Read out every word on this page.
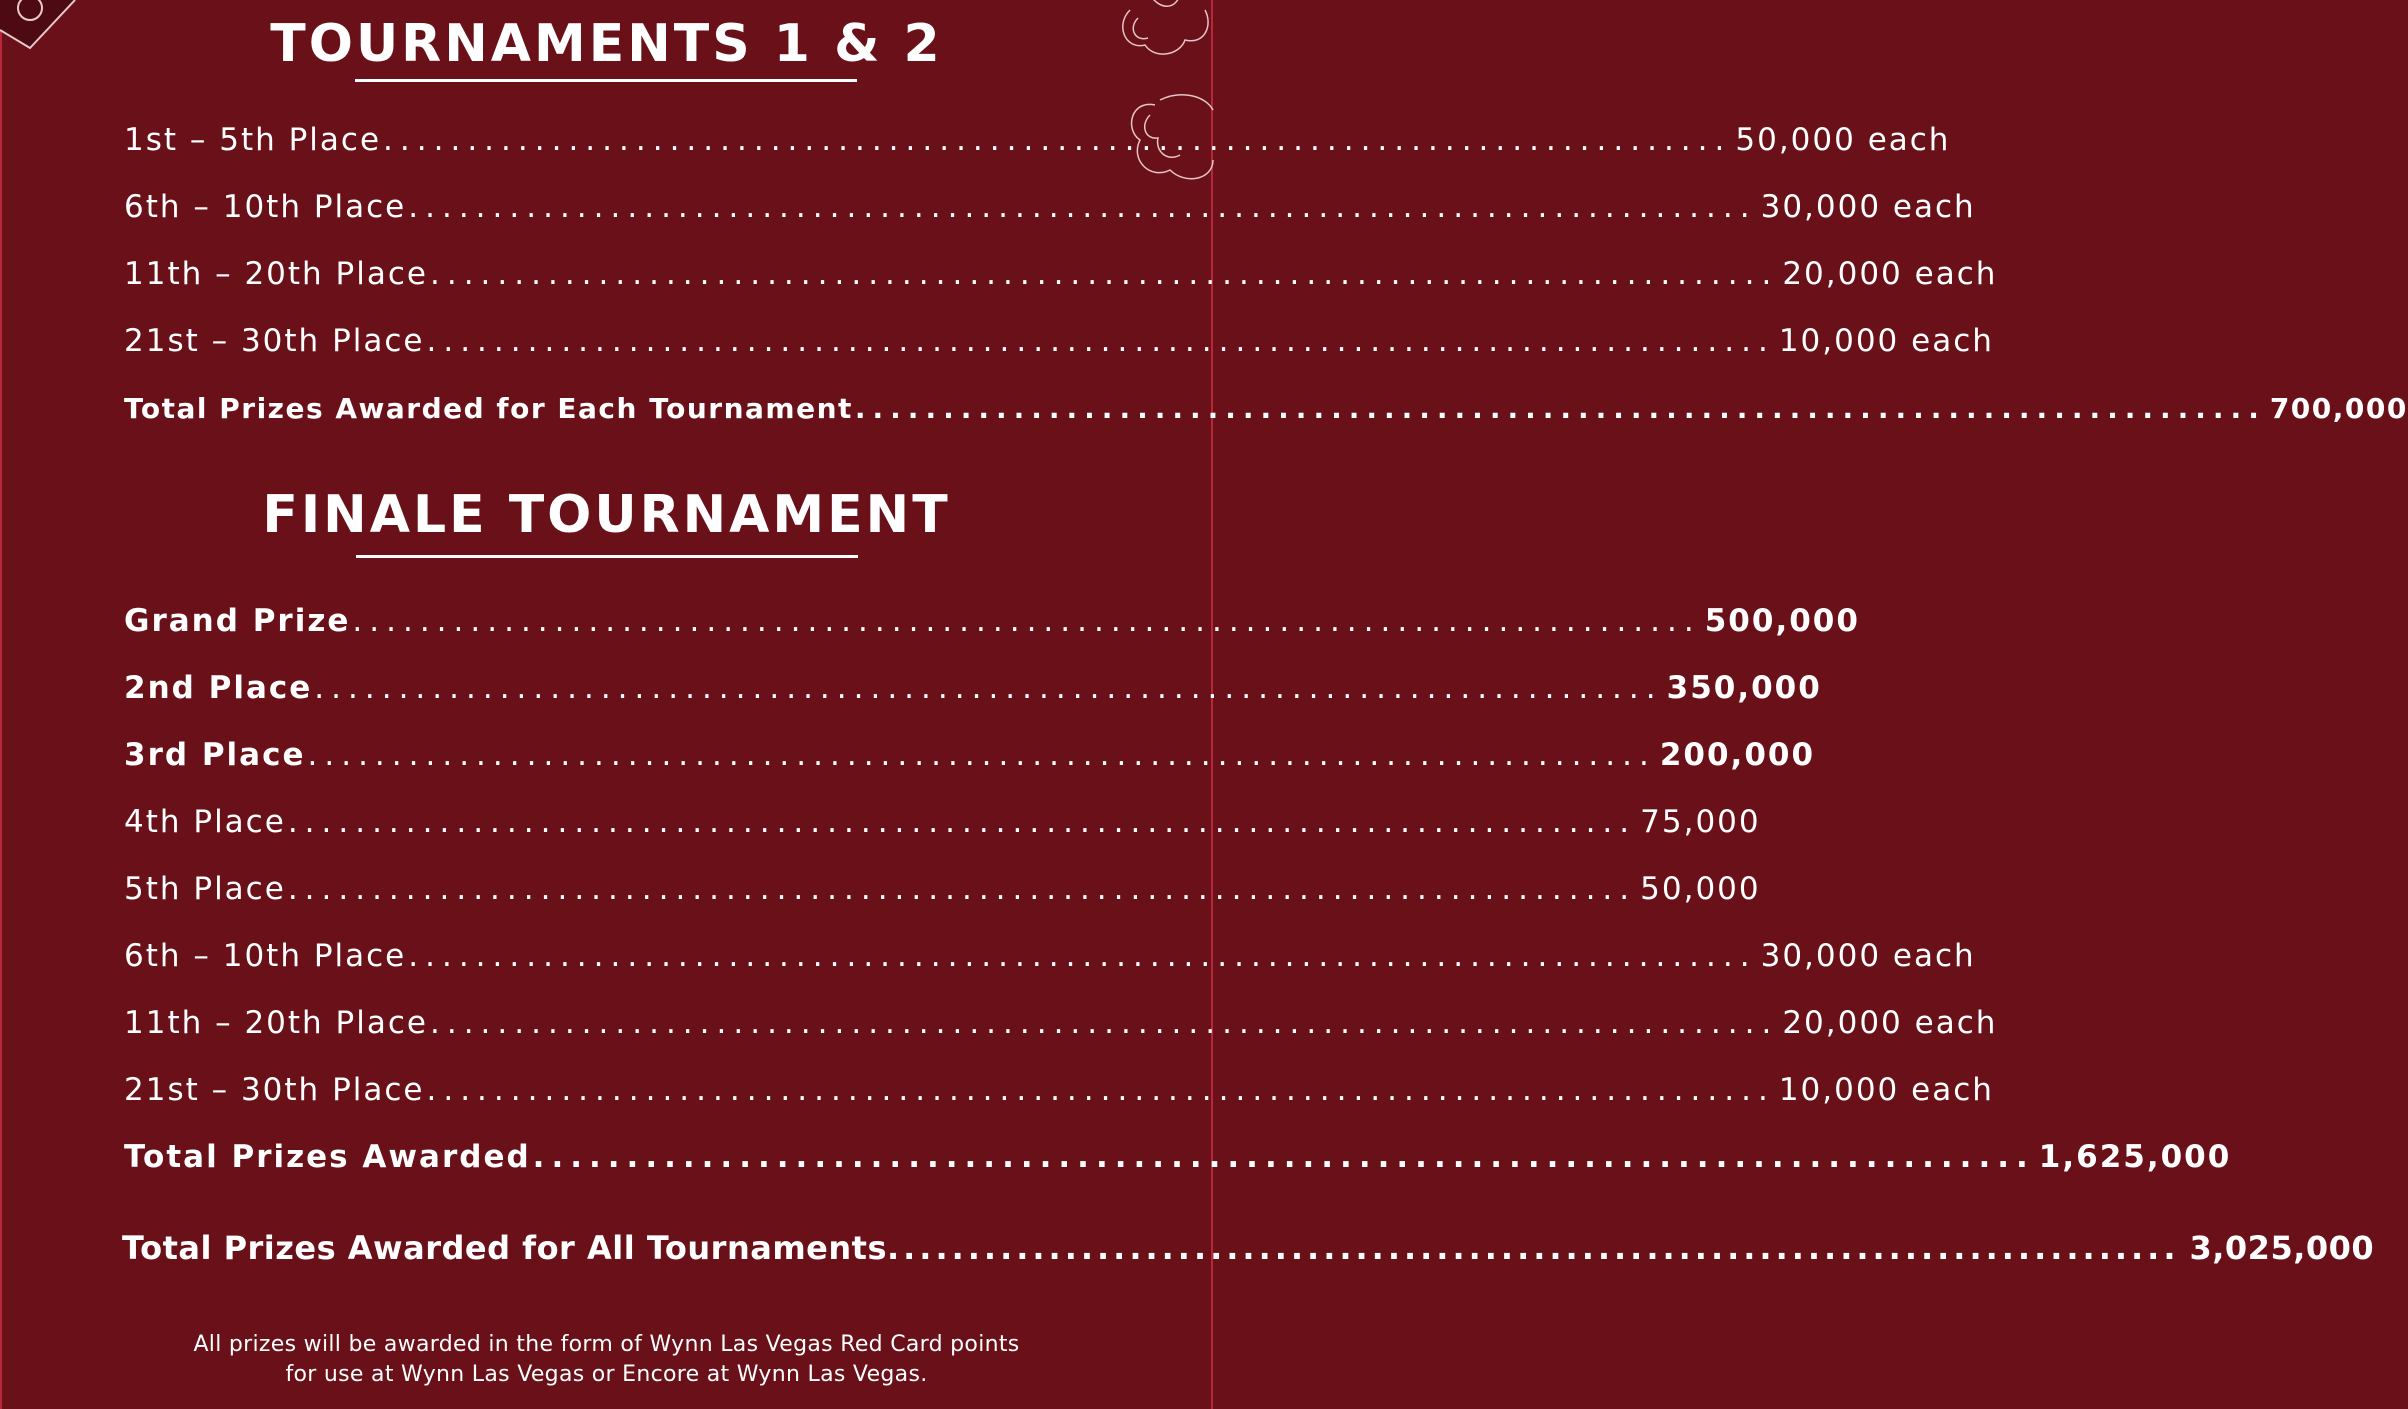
TOURNAMENTS 1 & 2
1st – 5th Place ................................................................................ 50,000 each
6th – 10th Place ................................................................................ 30,000 each
11th – 20th Place ................................................................................ 20,000 each
21st – 30th Place ................................................................................ 10,000 each
Total Prizes Awarded for Each Tournament ................................................................................ 700,000
FINALE TOURNAMENT
Grand Prize ................................................................................ 500,000
2nd Place ................................................................................ 350,000
3rd Place ................................................................................ 200,000
4th Place ................................................................................ 75,000
5th Place ................................................................................ 50,000
6th – 10th Place ................................................................................ 30,000 each
11th – 20th Place ................................................................................ 20,000 each
21st – 30th Place ................................................................................ 10,000 each
Total Prizes Awarded ................................................................................ 1,625,000
Total Prizes Awarded for All Tournaments ................................................................................ 3,025,000
All prizes will be awarded in the form of Wynn Las Vegas Red Card points
for use at Wynn Las Vegas or Encore at Wynn Las Vegas.
